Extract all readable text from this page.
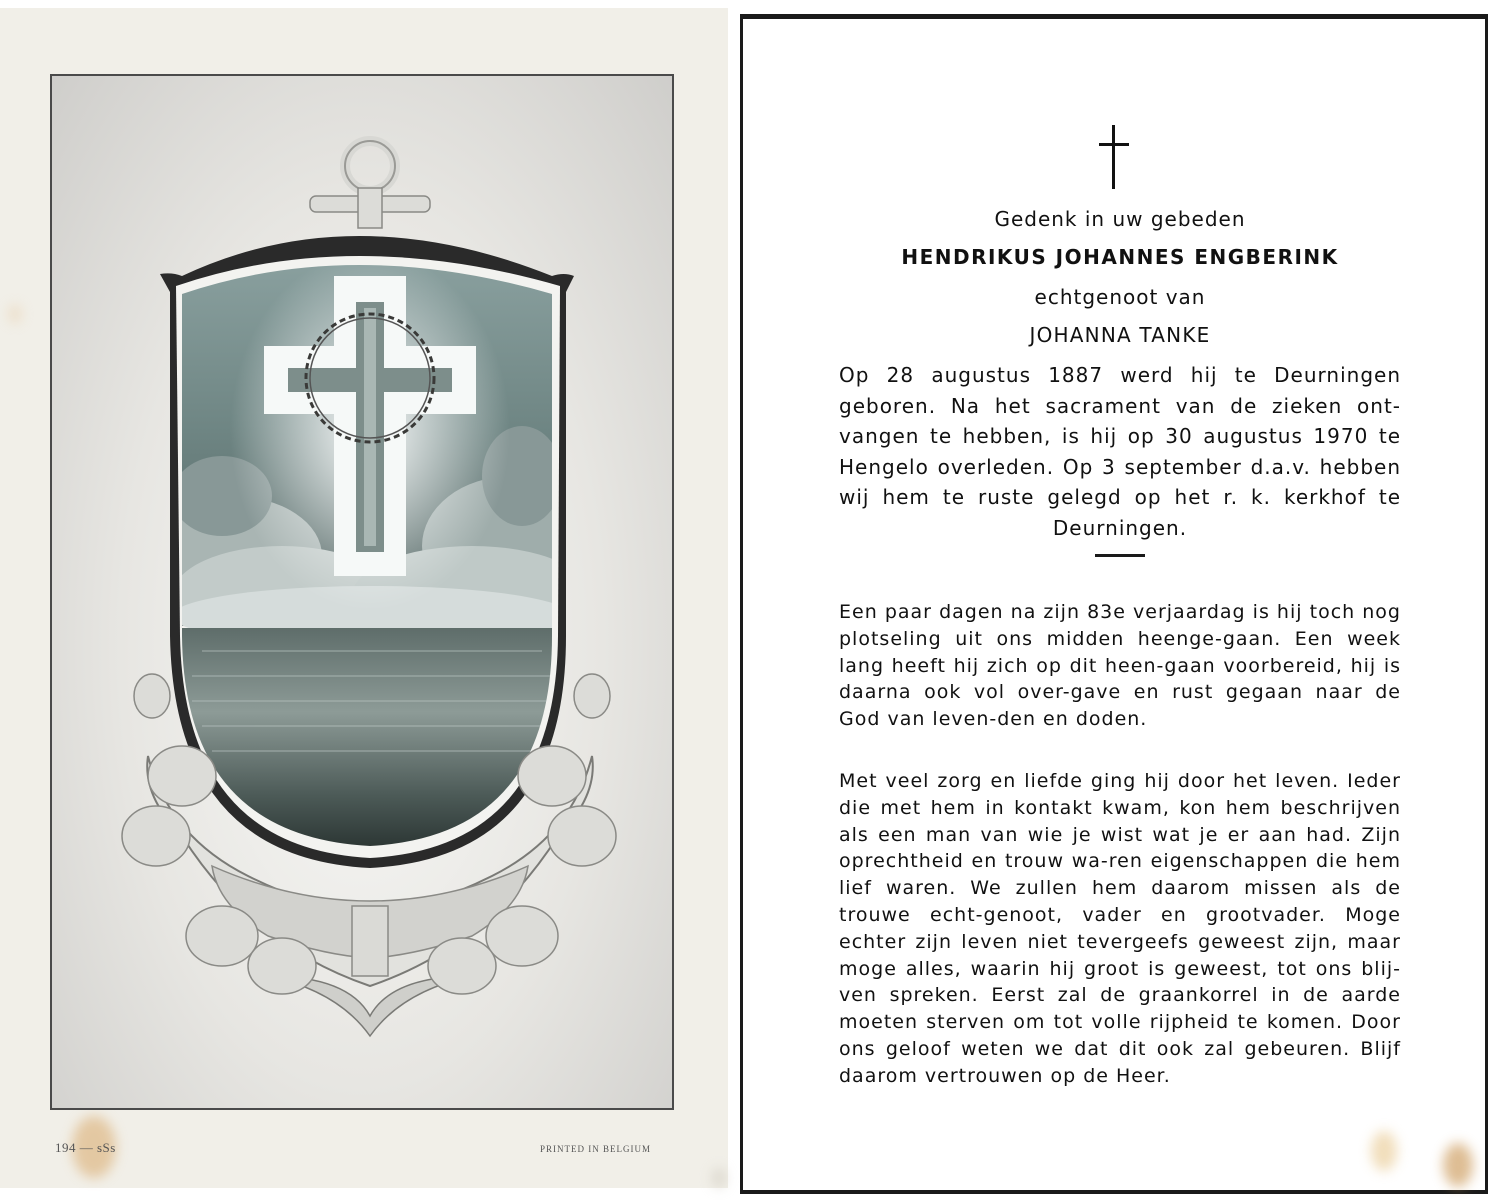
194 — sSs	PRINTED IN BELGIUM

Gedenk in uw gebeden

HENDRIKUS JOHANNES ENGBERINK

echtgenoot van

JOHANNA TANKE

Op 28 augustus 1887 werd hij te Deurningen geboren. Na het sacrament van de zieken ont-vangen te hebben, is hij op 30 augustus 1970 te Hengelo overleden. Op 3 september d.a.v. hebben wij hem te ruste gelegd op het r. k. kerkhof te Deurningen.

Een paar dagen na zijn 83e verjaardag is hij toch nog plotseling uit ons midden heenge-gaan. Een week lang heeft hij zich op dit heen-gaan voorbereid, hij is daarna ook vol over-gave en rust gegaan naar de God van leven-den en doden.

Met veel zorg en liefde ging hij door het leven. Ieder die met hem in kontakt kwam, kon hem beschrijven als een man van wie je wist wat je er aan had. Zijn oprechtheid en trouw wa-ren eigenschappen die hem lief waren. We zullen hem daarom missen als de trouwe echt-genoot, vader en grootvader. Moge echter zijn leven niet tevergeefs geweest zijn, maar moge alles, waarin hij groot is geweest, tot ons blij-ven spreken. Eerst zal de graankorrel in de aarde moeten sterven om tot volle rijpheid te komen. Door ons geloof weten we dat dit ook zal gebeuren. Blijf daarom vertrouwen op de Heer.
